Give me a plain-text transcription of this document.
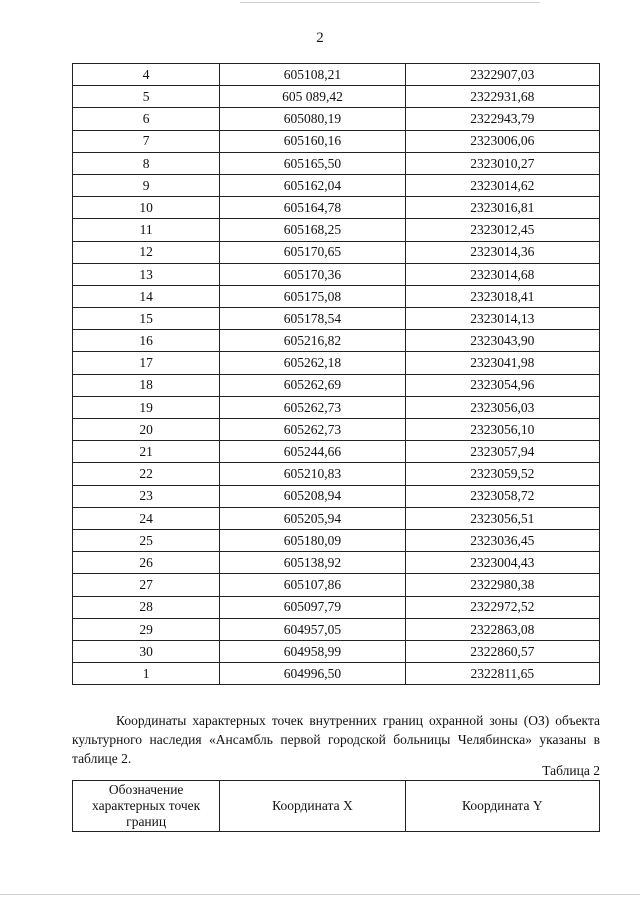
2
4	605108,21	2322907,03
5	605 089,42	2322931,68
6	605080,19	2322943,79
7	605160,16	2323006,06
8	605165,50	2323010,27
9	605162,04	2323014,62
10	605164,78	2323016,81
11	605168,25	2323012,45
12	605170,65	2323014,36
13	605170,36	2323014,68
14	605175,08	2323018,41
15	605178,54	2323014,13
16	605216,82	2323043,90
17	605262,18	2323041,98
18	605262,69	2323054,96
19	605262,73	2323056,03
20	605262,73	2323056,10
21	605244,66	2323057,94
22	605210,83	2323059,52
23	605208,94	2323058,72
24	605205,94	2323056,51
25	605180,09	2323036,45
26	605138,92	2323004,43
27	605107,86	2322980,38
28	605097,79	2322972,52
29	604957,05	2322863,08
30	604958,99	2322860,57
1	604996,50	2322811,65

Координаты характерных точек внутренних границ охранной зоны (ОЗ) объекта культурного наследия «Ансамбль первой городской больницы Челябинска» указаны в таблице 2.

Таблица 2
Обозначение характерных точек границ	Координата X	Координата Y
